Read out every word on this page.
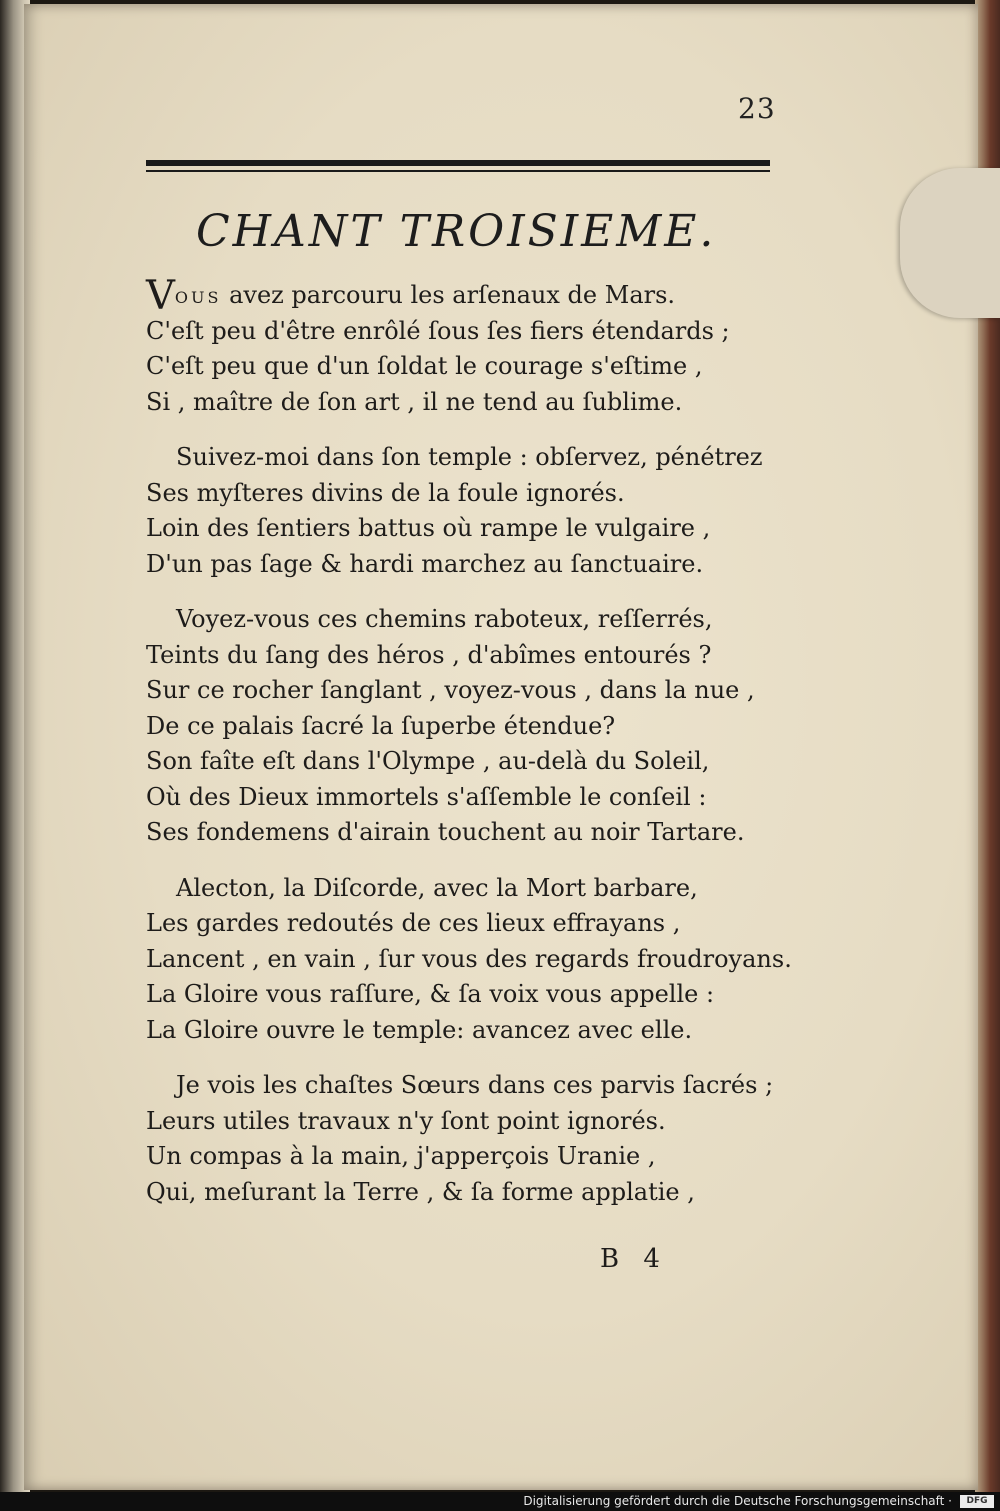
23
CHANT TROISIEME.
VOUS avez parcouru les arſenaux de Mars.
C'eſt peu d'être enrôlé ſous ſes fiers étendards ;
C'eſt peu que d'un ſoldat le courage s'eſtime ,
Si , maître de ſon art , il ne tend au ſublime.
Suivez-moi dans ſon temple : obſervez, pénétrez
Ses myſteres divins de la foule ignorés.
Loin des ſentiers battus où rampe le vulgaire ,
D'un pas ſage & hardi marchez au ſanctuaire.
Voyez-vous ces chemins raboteux, reſſerrés,
Teints du ſang des héros , d'abîmes entourés ?
Sur ce rocher ſanglant , voyez-vous , dans la nue ,
De ce palais ſacré la ſuperbe étendue?
Son faîte eſt dans l'Olympe , au-delà du Soleil,
Où des Dieux immortels s'aſſemble le conſeil :
Ses fondemens d'airain touchent au noir Tartare.
Alecton, la Diſcorde, avec la Mort barbare,
Les gardes redoutés de ces lieux effrayans ,
Lancent , en vain , ſur vous des regards froudroyans.
La Gloire vous raſſure, & ſa voix vous appelle :
La Gloire ouvre le temple: avancez avec elle.
Je vois les chaſtes Sœurs dans ces parvis ſacrés ;
Leurs utiles travaux n'y ſont point ignorés.
Un compas à la main, j'apperçois Uranie ,
Qui, meſurant la Terre , & ſa forme applatie ,
B 4
Digitalisierung gefördert durch die Deutsche Forschungsgemeinschaft ·	DFG
